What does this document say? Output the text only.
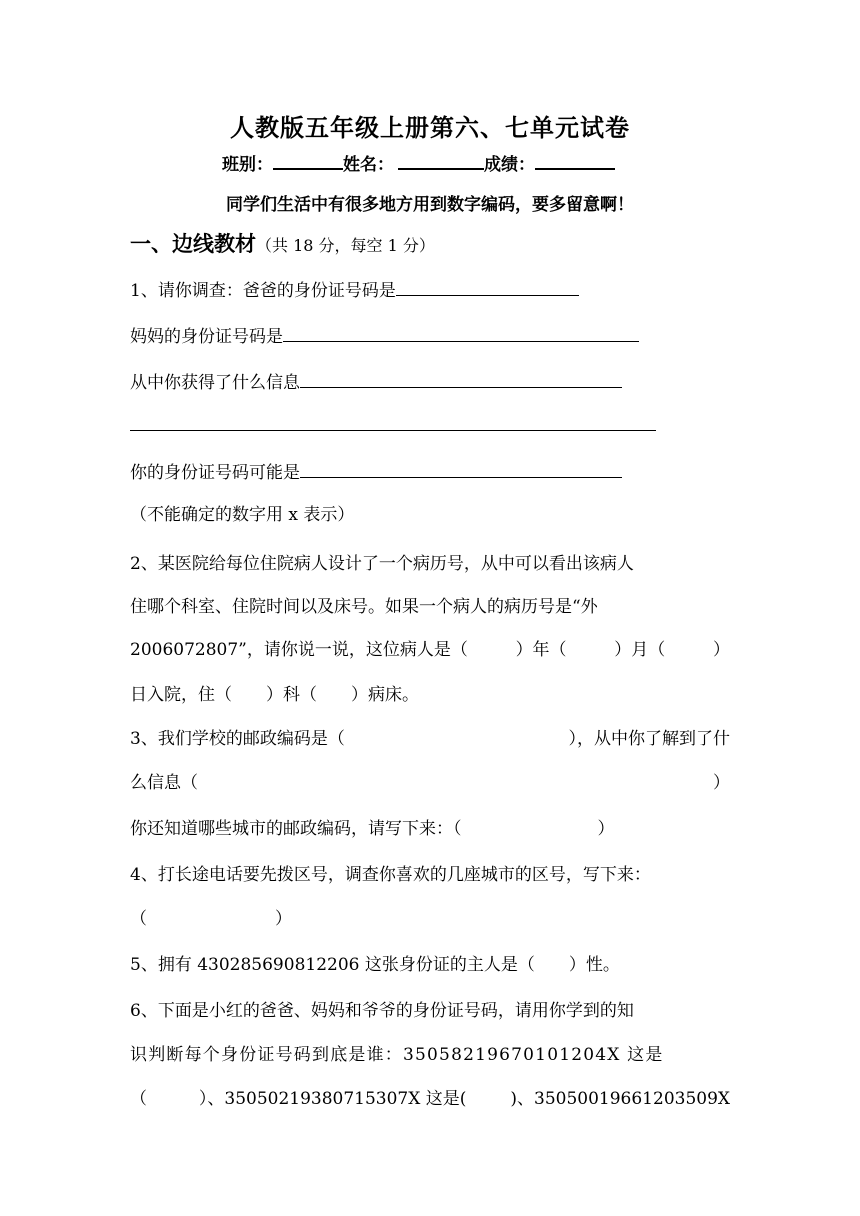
人教版五年级上册第六、七单元试卷
班别：	姓名：	成绩：
同学们生活中有很多地方用到数字编码，要多留意啊！
一、边线教材（共 18 分，每空 1 分）
1、请你调查：爸爸的身份证号码是
妈妈的身份证号码是
从中你获得了什么信息
你的身份证号码可能是
（不能确定的数字用 x 表示）
2、某医院给每位住院病人设计了一个病历号，从中可以看出该病人
住哪个科室、住院时间以及床号。如果一个病人的病历号是“外
2006072807”，请你说一说，这位病人是（	）年（	）月（	）
日入院，住（　　）科（　　）病床。
3、我们学校的邮政编码是（	），从中你了解到了什
么信息（	）
你还知道哪些城市的邮政编码，请写下来：（	）
4、打长途电话要先拨区号，调查你喜欢的几座城市的区号，写下来：
（	）
5、拥有 430285690812206 这张身份证的主人是（　　）性。
6、下面是小红的爸爸、妈妈和爷爷的身份证号码，请用你学到的知
识判断每个身份证号码到底是谁：35058219670101204X 这是
（	）、35050219380715307X 这是(	)、35050019661203509X
